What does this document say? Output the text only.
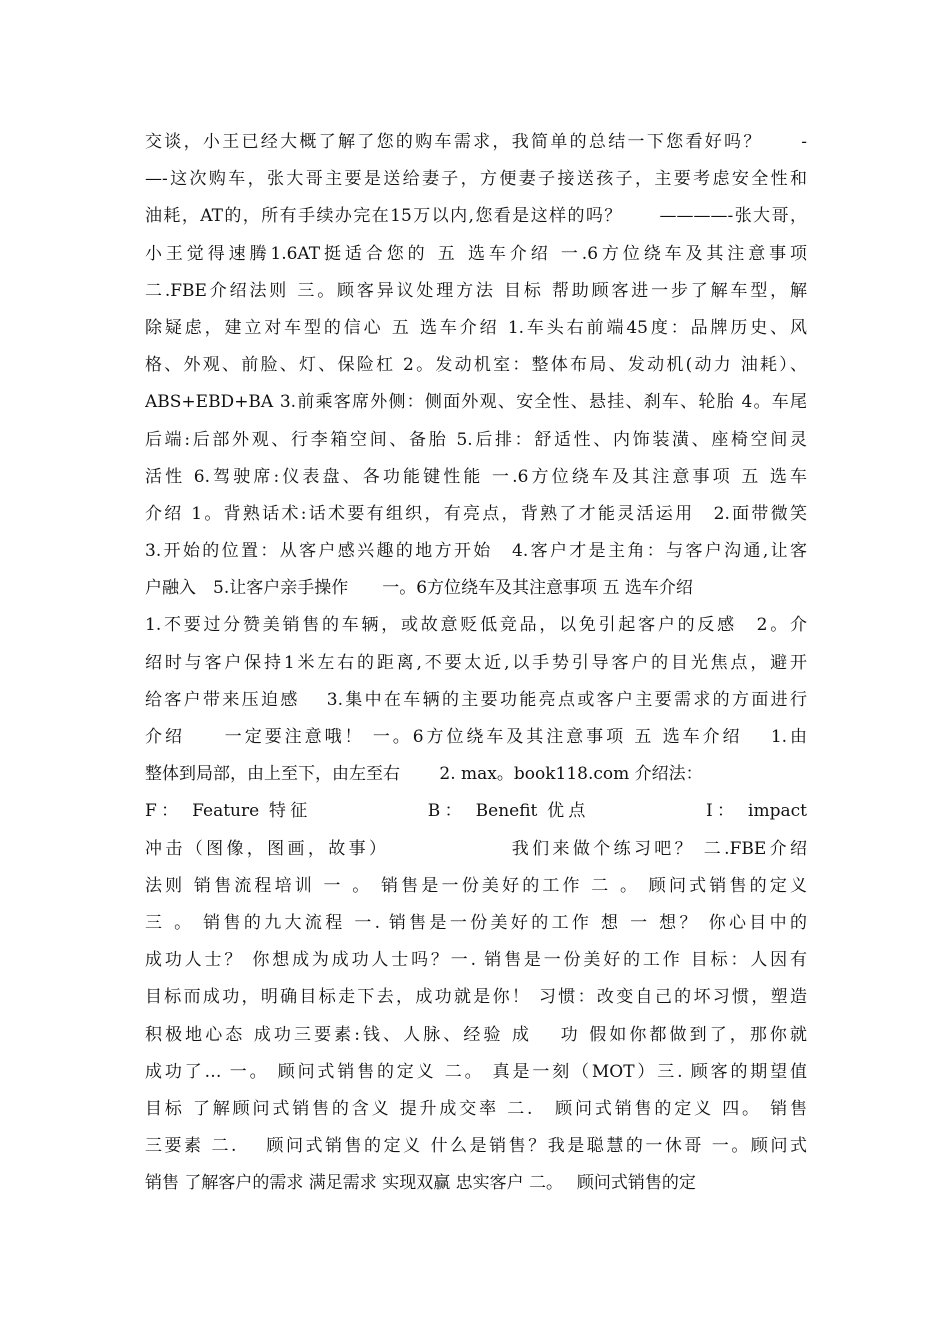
交谈，小王已经大概了解了您的购车需求，我简单的总结一下您看好吗？　　-
—-这次购车，张大哥主要是送给妻子，方便妻子接送孩子，主要考虑安全性和
油耗，AT的，所有手续办完在15万以内,您看是这样的吗？　　————-张大哥，
小王觉得速腾1.6AT挺适合您的 五 选车介绍 一.6方位绕车及其注意事项
二.FBE介绍法则 三。顾客异议处理方法 目标 帮助顾客进一步了解车型，解
除疑虑，建立对车型的信心 五 选车介绍 1.车头右前端45度：品牌历史、风
格、外观、前脸、灯、保险杠 2。发动机室：整体布局、发动机(动力 油耗）、
ABS+EBD+BA 3.前乘客席外侧：侧面外观、安全性、悬挂、刹车、轮胎 4。车尾
后端:后部外观、行李箱空间、备胎 5.后排：舒适性、内饰装潢、座椅空间灵
活性 6.驾驶席:仪表盘、各功能键性能 一.6方位绕车及其注意事项 五 选车
介绍 1。背熟话术:话术要有组织，有亮点，背熟了才能灵活运用　2.面带微笑
3.开始的位置：从客户感兴趣的地方开始　4.客户才是主角：与客户沟通,让客
户融入　5.让客户亲手操作　　一。6方位绕车及其注意事项 五 选车介绍
1.不要过分赞美销售的车辆，或故意贬低竞品，以免引起客户的反感　2。介
绍时与客户保持1米左右的距离,不要太近,以手势引导客户的目光焦点，避开
给客户带来压迫感　 3.集中在车辆的主要功能亮点或客户主要需求的方面进行
介绍　　一定要注意哦！ 一。6方位绕车及其注意事项 五 选车介绍　 1.由
整体到局部，由上至下，由左至右　　 2. max。book118.com 介绍法：
F： Feature 特征　　　　　 B： Benefit 优点　　　　　 I： impact
冲击（图像，图画，故事）　　　　　　 我们来做个练习吧？ 二.FBE介绍
法则 销售流程培训 一 。 销售是一份美好的工作 二 。 顾问式销售的定义
三 。 销售的九大流程 一. 销售是一份美好的工作 想 一 想？ 你心目中的
成功人士？ 你想成为成功人士吗？一. 销售是一份美好的工作 目标：人因有
目标而成功，明确目标走下去，成功就是你！ 习惯：改变自己的坏习惯，塑造
积极地心态 成功三要素:钱、人脉、经验 成　 功 假如你都做到了，那你就
成功了… 一。 顾问式销售的定义 二。 真是一刻（MOT）三. 顾客的期望值
目标 了解顾问式销售的含义 提升成交率 二.　顾问式销售的定义 四。 销售
三要素 二.　 顾问式销售的定义 什么是销售？我是聪慧的一休哥 一。顾问式
销售 了解客户的需求 满足需求 实现双赢 忠实客户 二。　 顾问式销售的定
